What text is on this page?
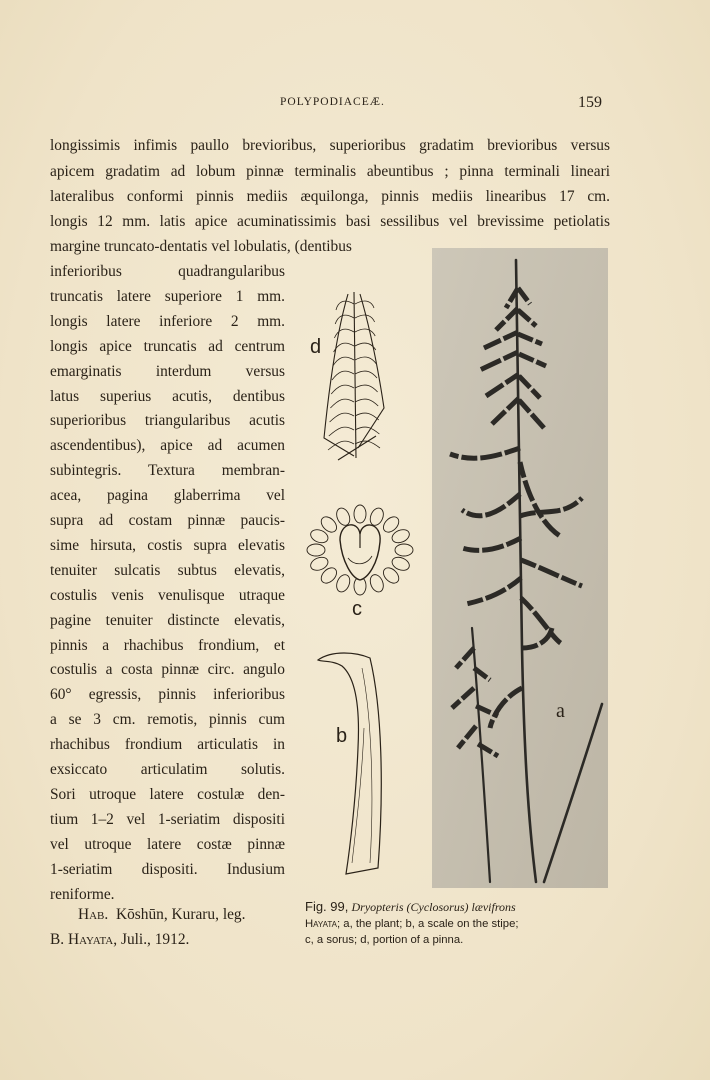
POLYPODIACEÆ.	159
longissimis infimis paullo brevioribus, superioribus gradatim brevioribus versus
apicem gradatim ad lobum pinnæ terminalis abeuntibus ; pinna terminali lineari
lateralibus conformi pinnis mediis æquilonga, pinnis mediis linearibus 17 cm.
longis 12 mm. latis apice acuminatissimis basi sessilibus vel brevissime petiolatis
margine truncato-dentatis vel lobulatis, (dentibus
inferioribus quadrangularibus
truncatis latere superiore 1 mm.
longis latere inferiore 2 mm.
longis apice truncatis ad centrum
emarginatis interdum versus
latus superius acutis, dentibus
superioribus triangularibus acutis
ascendentibus), apice ad acumen
subintegris. Textura membran-
acea, pagina glaberrima vel
supra ad costam pinnæ paucis-
sime hirsuta, costis supra elevatis
tenuiter sulcatis subtus elevatis,
costulis venis venulisque utraque
pagine tenuiter distincte elevatis,
pinnis a rhachibus frondium, et
costulis a costa pinnæ circ. angulo
60° egressis, pinnis inferioribus
a se 3 cm. remotis, pinnis cum
rhachibus frondium articulatis in
exsiccato articulatim solutis.
Sori utroque latere costulæ den-
tium 1–2 vel 1-seriatim dispositi
vel utroque latere costæ pinnæ
1-seriatim dispositi. Indusium
reniforme.
Hab. Kōshūn, Kuraru, leg.
B. Hayata, Juli., 1912.
d
c
b
a
Fig. 99, Dryopteris (Cyclosorus) lævifrons
Hayata; a, the plant; b, a scale on the stipe;
c, a sorus; d, portion of a pinna.
